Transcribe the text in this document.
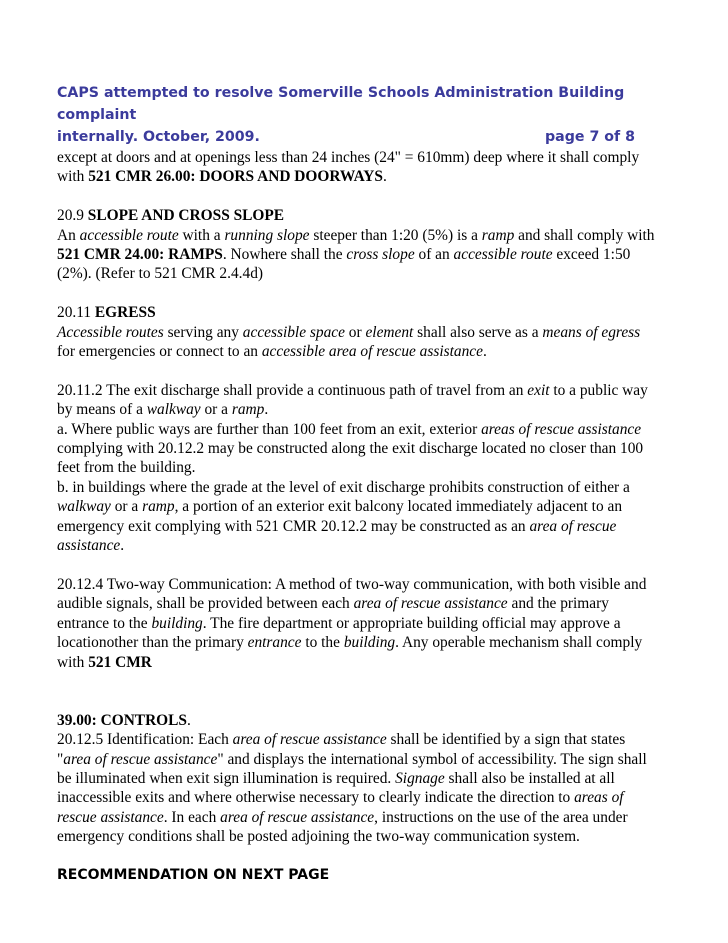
CAPS attempted to resolve Somerville Schools Administration Building complaint
internally. October, 2009.	page 7 of 8

except at doors and at openings less than 24 inches (24" = 610mm) deep where it shall comply with 521 CMR 26.00: DOORS AND DOORWAYS.

20.9 SLOPE AND CROSS SLOPE
An accessible route with a running slope steeper than 1:20 (5%) is a ramp and shall comply with 521 CMR 24.00: RAMPS. Nowhere shall the cross slope of an accessible route exceed 1:50 (2%). (Refer to 521 CMR 2.4.4d)

20.11 EGRESS
Accessible routes serving any accessible space or element shall also serve as a means of egress for emergencies or connect to an accessible area of rescue assistance.

20.11.2 The exit discharge shall provide a continuous path of travel from an exit to a public way by means of a walkway or a ramp.
a. Where public ways are further than 100 feet from an exit, exterior areas of rescue assistance complying with 20.12.2 may be constructed along the exit discharge located no closer than 100 feet from the building.
b. in buildings where the grade at the level of exit discharge prohibits construction of either a walkway or a ramp, a portion of an exterior exit balcony located immediately adjacent to an emergency exit complying with 521 CMR 20.12.2 may be constructed as an area of rescue assistance.

20.12.4 Two-way Communication: A method of two-way communication, with both visible and audible signals, shall be provided between each area of rescue assistance and the primary entrance to the building. The fire department or appropriate building official may approve a locationother than the primary entrance to the building. Any operable mechanism shall comply with 521 CMR

39.00: CONTROLS.
20.12.5 Identification: Each area of rescue assistance shall be identified by a sign that states "area of rescue assistance" and displays the international symbol of accessibility. The sign shall be illuminated when exit sign illumination is required. Signage shall also be installed at all inaccessible exits and where otherwise necessary to clearly indicate the direction to areas of rescue assistance. In each area of rescue assistance, instructions on the use of the area under emergency conditions shall be posted adjoining the two-way communication system.

RECOMMENDATION ON NEXT PAGE
